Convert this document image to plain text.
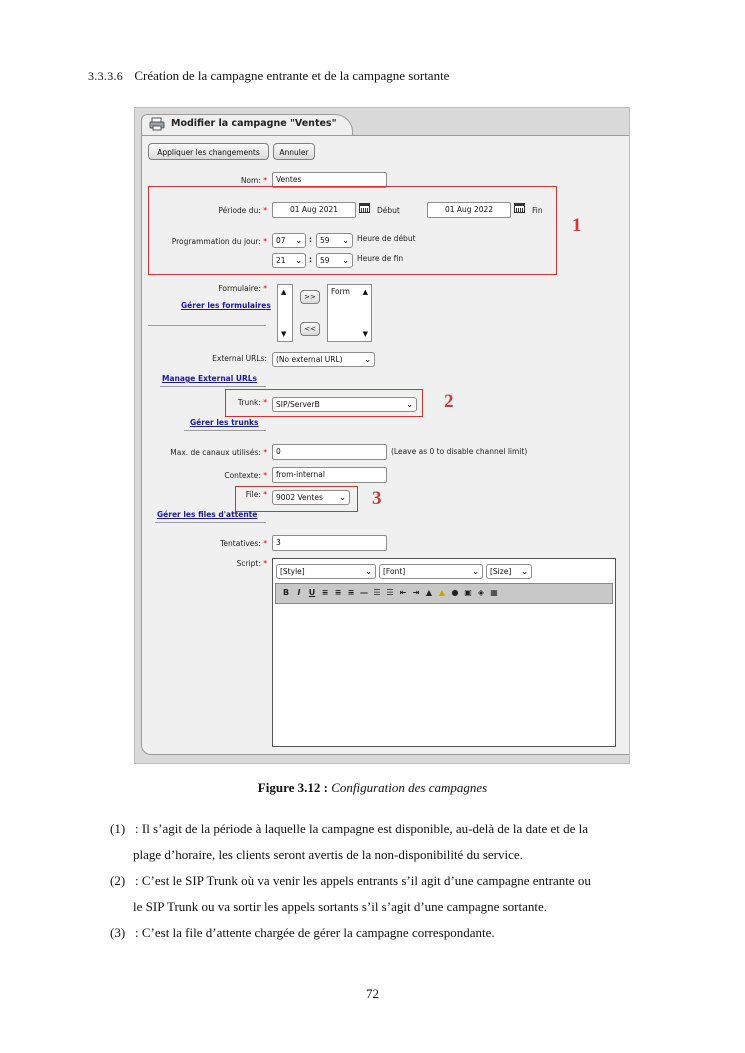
3.3.3.6 Création de la campagne entrante et de la campagne sortante
Modifier la campagne "Ventes"
Appliquer les changements	Annuler
Nom: *	Ventes
1
Période du: *	01 Aug 2021	Début	01 Aug 2022	Fin
Programmation du jour: *	07 ⌄ :	59 ⌄ Heure de début
21 ⌄ :	59 ⌄ Heure de fin
Formulaire: *
Gérer les formulaires
▲
▼
>>
<<
Form ▲
▼
External URLs:	(No external URL)	⌄
Manage External URLs
2
Trunk: *	SIP/ServerB	⌄
Gérer les trunks
Max. de canaux utilisés: *	0	(Leave as 0 to disable channel limit)
Contexte: *	from-internal
3
File: *	9002 Ventes ⌄
Gérer les files d'attente
Tentatives: *	3
Script: *
[Style]	⌄	[Font]	⌄	[Size] ⌄
B	I	U ≡ ≡ ≡ — ☰ ☰ ⇤ ⇥ ▲ ▲ ● ▣ ◈ ▦
Figure 3.12 : Configuration des campagnes
(1) : Il s’agit de la période à laquelle la campagne est disponible, au-delà de la date et de la
plage d’horaire, les clients seront avertis de la non-disponibilité du service.
(2) : C’est le SIP Trunk où va venir les appels entrants s’il agit d’une campagne entrante ou
le SIP Trunk ou va sortir les appels sortants s’il s’agit d’une campagne sortante.
(3) : C’est la file d’attente chargée de gérer la campagne correspondante.
72
